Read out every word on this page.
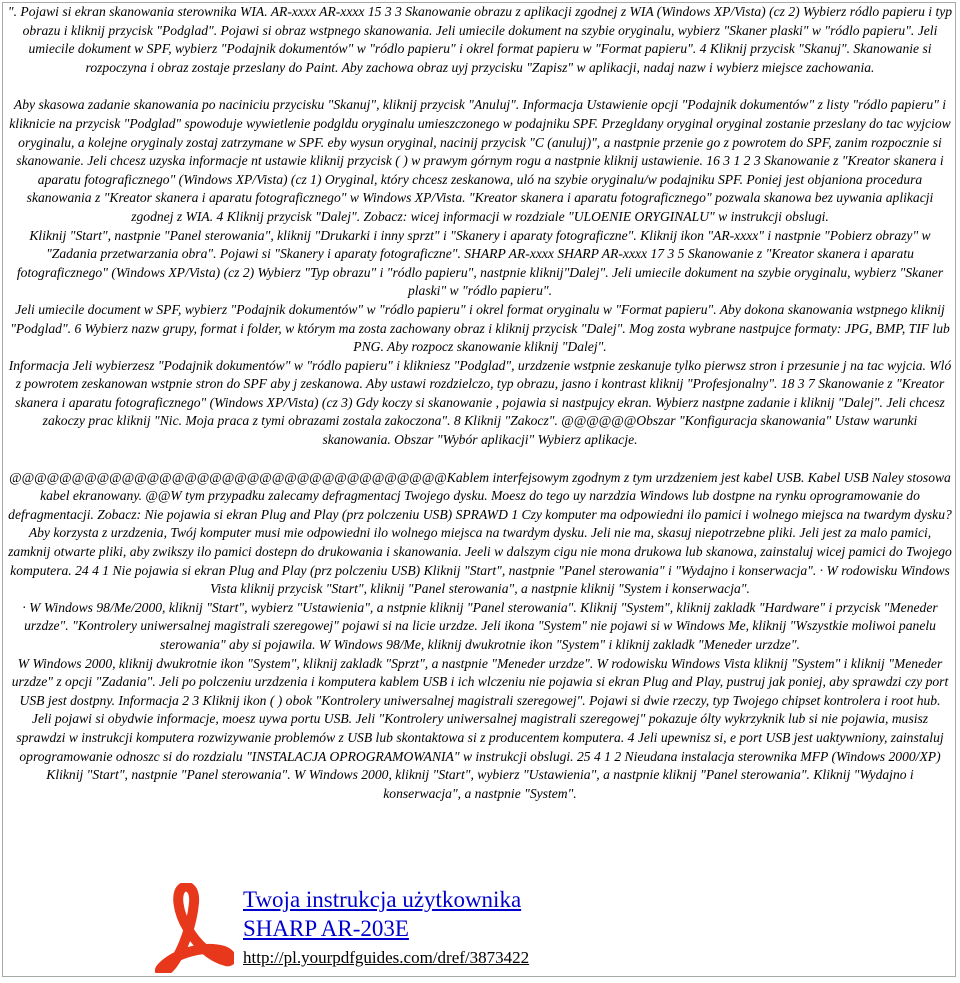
". Pojawi si ekran skanowania sterownika WIA. AR-xxxx AR-xxxx 15 3 3 Skanowanie obrazu z aplikacji zgodnej z WIA (Windows XP/Vista) (cz 2) Wybierz ródlo papieru i typ obrazu i kliknij przycisk "Podglad". Pojawi si obraz wstpnego skanowania. Jeli umiecile dokument na szybie oryginalu, wybierz "Skaner plaski" w "ródlo papieru". Jeli umiecile dokument w SPF, wybierz "Podajnik dokumentów" w "ródlo papieru" i okrel format papieru w "Format papieru". 4 Kliknij przycisk "Skanuj". Skanowanie si rozpoczyna i obraz zostaje przeslany do Paint. Aby zachowa obraz uyj przycisku "Zapisz" w aplikacji, nadaj nazw i wybierz miejsce zachowania.

Aby skasowa zadanie skanowania po naciniciu przycisku "Skanuj", kliknij przycisk "Anuluj". Informacja Ustawienie opcji "Podajnik dokumentów" z listy "ródlo papieru" i kliknicie na przycisk "Podglad" spowoduje wywietlenie podgldu oryginalu umieszczonego w podajniku SPF. Przegldany oryginal oryginal zostanie przeslany do tac wyjciow oryginalu, a kolejne oryginaly zostaj zatrzymane w SPF. eby wysun oryginal, nacinij przycisk "C (anuluj)", a nastpnie przenie go z powrotem do SPF, zanim rozpocznie si skanowanie. Jeli chcesz uzyska informacje nt ustawie kliknij przycisk ( ) w prawym górnym rogu a nastpnie kliknij ustawienie. 16 3 1 2 3 Skanowanie z "Kreator skanera i aparatu fotograficznego" (Windows XP/Vista) (cz 1) Oryginal, który chcesz zeskanowa, uló na szybie oryginalu/w podajniku SPF. Poniej jest objaniona procedura skanowania z "Kreator skanera i aparatu fotograficznego" w Windows XP/Vista. "Kreator skanera i aparatu fotograficznego" pozwala skanowa bez uywania aplikacji zgodnej z WIA. 4 Kliknij przycisk "Dalej". Zobacz: wicej informacji w rozdziale "ULOENIE ORYGINALU" w instrukcji obslugi.

Kliknij "Start", nastpnie "Panel sterowania", kliknij "Drukarki i inny sprzt" i "Skanery i aparaty fotograficzne". Kliknij ikon "AR-xxxx" i nastpnie "Pobierz obrazy" w "Zadania przetwarzania obra". Pojawi si "Skanery i aparaty fotograficzne". SHARP AR-xxxx SHARP AR-xxxx 17 3 5 Skanowanie z "Kreator skanera i aparatu fotograficznego" (Windows XP/Vista) (cz 2) Wybierz "Typ obrazu" i "ródlo papieru", nastpnie kliknij"Dalej". Jeli umiecile dokument na szybie oryginalu, wybierz "Skaner plaski" w "ródlo papieru".

Jeli umiecile document w SPF, wybierz "Podajnik dokumentów" w "ródlo papieru" i okrel format oryginalu w "Format papieru". Aby dokona skanowania wstpnego kliknij "Podglad". 6 Wybierz nazw grupy, format i folder, w którym ma zosta zachowany obraz i kliknij przycisk "Dalej". Mog zosta wybrane nastpujce formaty: JPG, BMP, TIF lub PNG. Aby rozpocz skanowanie kliknij "Dalej".

Informacja Jeli wybierzesz "Podajnik dokumentów" w "ródlo papieru" i klikniesz "Podglad", urzdzenie wstpnie zeskanuje tylko pierwsz stron i przesunie j na tac wyjcia. Wló z powrotem zeskanowan wstpnie stron do SPF aby j zeskanowa. Aby ustawi rozdzielczo, typ obrazu, jasno i kontrast kliknij "Profesjonalny". 18 3 7 Skanowanie z "Kreator skanera i aparatu fotograficznego" (Windows XP/Vista) (cz 3) Gdy koczy si skanowanie , pojawia si nastpujcy ekran. Wybierz nastpne zadanie i kliknij "Dalej". Jeli chcesz zakoczy prac kliknij "Nic. Moja praca z tymi obrazami zostala zakoczona". 8 Kliknij "Zakocz". @@@@@@Obszar "Konfiguracja skanowania" Ustaw warunki skanowania. Obszar "Wybór aplikacji" Wybierz aplikacje.

@@@@@@@@@@@@@@@@@@@@@@@@@@@@@@@@@@@Kablem interfejsowym zgodnym z tym urzdzeniem jest kabel USB. Kabel USB Naley stosowa kabel ekranowany. @@W tym przypadku zalecamy defragmentacj Twojego dysku. Moesz do tego uy narzdzia Windows lub dostpne na rynku oprogramowanie do defragmentacji. Zobacz: Nie pojawia si ekran Plug and Play (prz polczeniu USB) SPRAWD 1 Czy komputer ma odpowiedni ilo pamici i wolnego miejsca na twardym dysku? Aby korzysta z urzdzenia, Twój komputer musi mie odpowiedni ilo wolnego miejsca na twardym dysku. Jeli nie ma, skasuj niepotrzebne pliki. Jeli jest za malo pamici, zamknij otwarte pliki, aby zwikszy ilo pamici dostepn do drukowania i skanowania. Jeeli w dalszym cigu nie mona drukowa lub skanowa, zainstaluj wicej pamici do Twojego komputera. 24 4 1 Nie pojawia si ekran Plug and Play (prz polczeniu USB) Kliknij "Start", nastpnie "Panel sterowania" i "Wydajno i konserwacja". · W rodowisku Windows Vista kliknij przycisk "Start", kliknij "Panel sterowania", a nastpnie kliknij "System i konserwacja".

· W Windows 98/Me/2000, kliknij "Start", wybierz "Ustawienia", a nstpnie kliknij "Panel sterowania". Kliknij "System", kliknij zakladk "Hardware" i przycisk "Meneder urzdze". "Kontrolery uniwersalnej magistrali szeregowej" pojawi si na licie urzdze. Jeli ikona "System" nie pojawi si w Windows Me, kliknij "Wszystkie moliwoi panelu sterowania" aby si pojawila. W Windows 98/Me, kliknij dwukrotnie ikon "System" i kliknij zakladk "Meneder urzdze".

W Windows 2000, kliknij dwukrotnie ikon "System", kliknij zakladk "Sprzt", a nastpnie "Meneder urzdze". W rodowisku Windows Vista kliknij "System" i kliknij "Meneder urzdze" z opcji "Zadania". Jeli po polczeniu urzdzenia i komputera kablem USB i ich wlczeniu nie pojawia si ekran Plug and Play, pustruj jak poniej, aby sprawdzi czy port USB jest dostpny. Informacja 2 3 Kliknij ikon ( ) obok "Kontrolery uniwersalnej magistrali szeregowej". Pojawi si dwie rzeczy, typ Twojego chipset kontrolera i root hub.

Jeli pojawi si obydwie informacje, moesz uywa portu USB. Jeli "Kontrolery uniwersalnej magistrali szeregowej" pokazuje ólty wykrzyknik lub si nie pojawia, musisz sprawdzi w instrukcji komputera rozwizywanie problemów z USB lub skontaktowa si z producentem komputera. 4 Jeli upewnisz si, e port USB jest uaktywniony, zainstaluj oprogramowanie odnoszc si do rozdzialu "INSTALACJA OPROGRAMOWANIA" w instrukcji obslugi. 25 4 1 2 Nieudana instalacja sterownika MFP (Windows 2000/XP) Kliknij "Start", nastpnie "Panel sterowania". W Windows 2000, kliknij "Start", wybierz "Ustawienia", a nastpnie kliknij "Panel sterowania". Kliknij "Wydajno i konserwacja", a nastpnie "System".

Twoja instrukcja użytkownika
SHARP AR-203E
http://pl.yourpdfguides.com/dref/3873422
